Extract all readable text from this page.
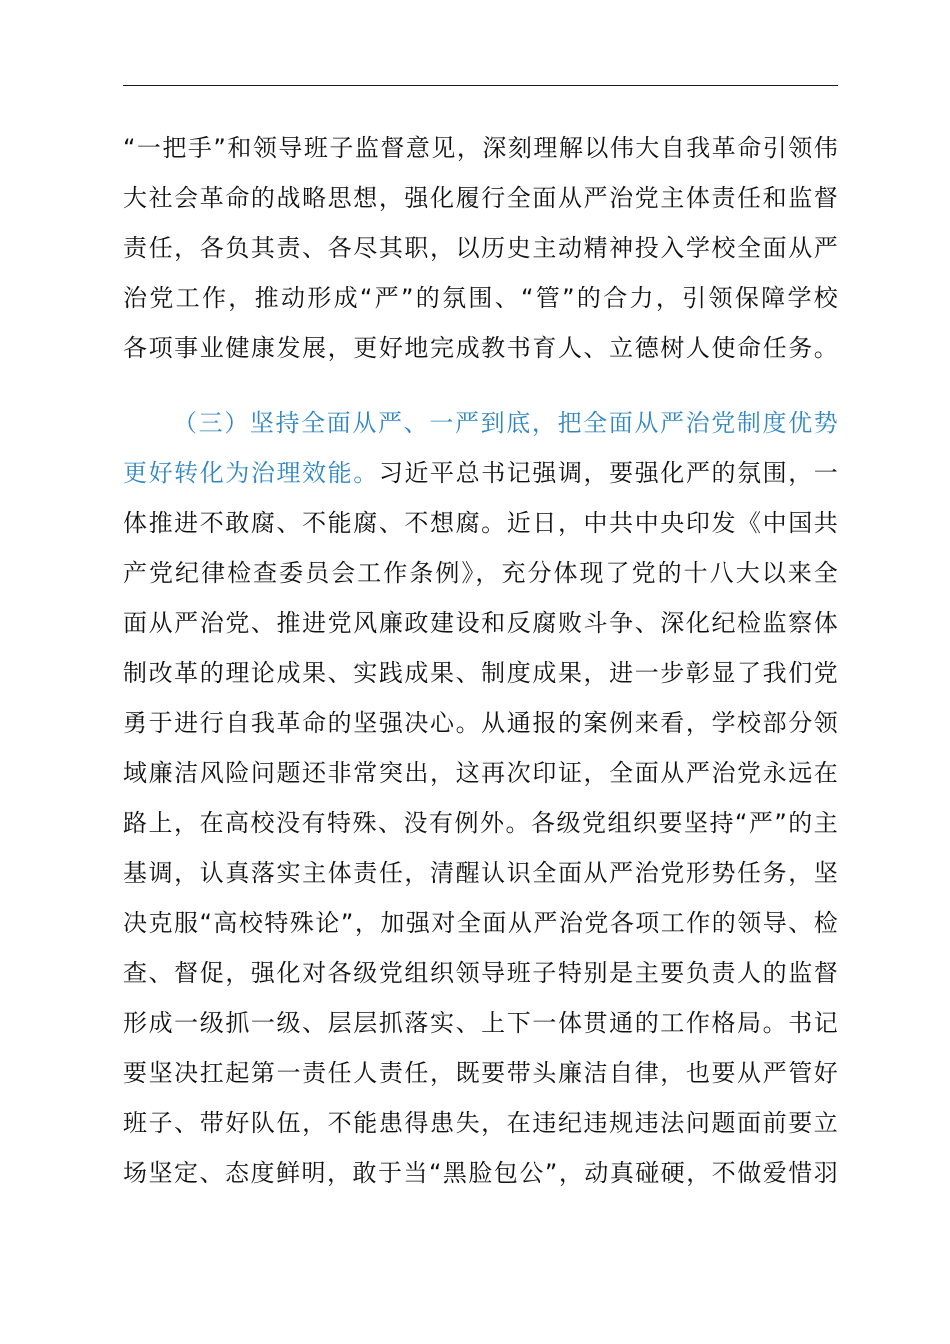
“一把手”和领导班子监督意见，深刻理解以伟大自我革命引领伟
大社会革命的战略思想，强化履行全面从严治党主体责任和监督
责任，各负其责、各尽其职，以历史主动精神投入学校全面从严
治党工作，推动形成“严”的氛围、“管”的合力，引领保障学校
各项事业健康发展，更好地完成教书育人、立德树人使命任务。
（三）坚持全面从严、一严到底，把全面从严治党制度优势
更好转化为治理效能。习近平总书记强调，要强化严的氛围，一
体推进不敢腐、不能腐、不想腐。近日，中共中央印发《中国共
产党纪律检查委员会工作条例》，充分体现了党的十八大以来全
面从严治党、推进党风廉政建设和反腐败斗争、深化纪检监察体
制改革的理论成果、实践成果、制度成果，进一步彰显了我们党
勇于进行自我革命的坚强决心。从通报的案例来看，学校部分领
域廉洁风险问题还非常突出，这再次印证，全面从严治党永远在
路上，在高校没有特殊、没有例外。各级党组织要坚持“严”的主
基调，认真落实主体责任，清醒认识全面从严治党形势任务，坚
决克服“高校特殊论”，加强对全面从严治党各项工作的领导、检
查、督促，强化对各级党组织领导班子特别是主要负责人的监督
形成一级抓一级、层层抓落实、上下一体贯通的工作格局。书记
要坚决扛起第一责任人责任，既要带头廉洁自律，也要从严管好
班子、带好队伍，不能患得患失，在违纪违规违法问题面前要立
场坚定、态度鲜明，敢于当“黑脸包公”，动真碰硬，不做爱惜羽
